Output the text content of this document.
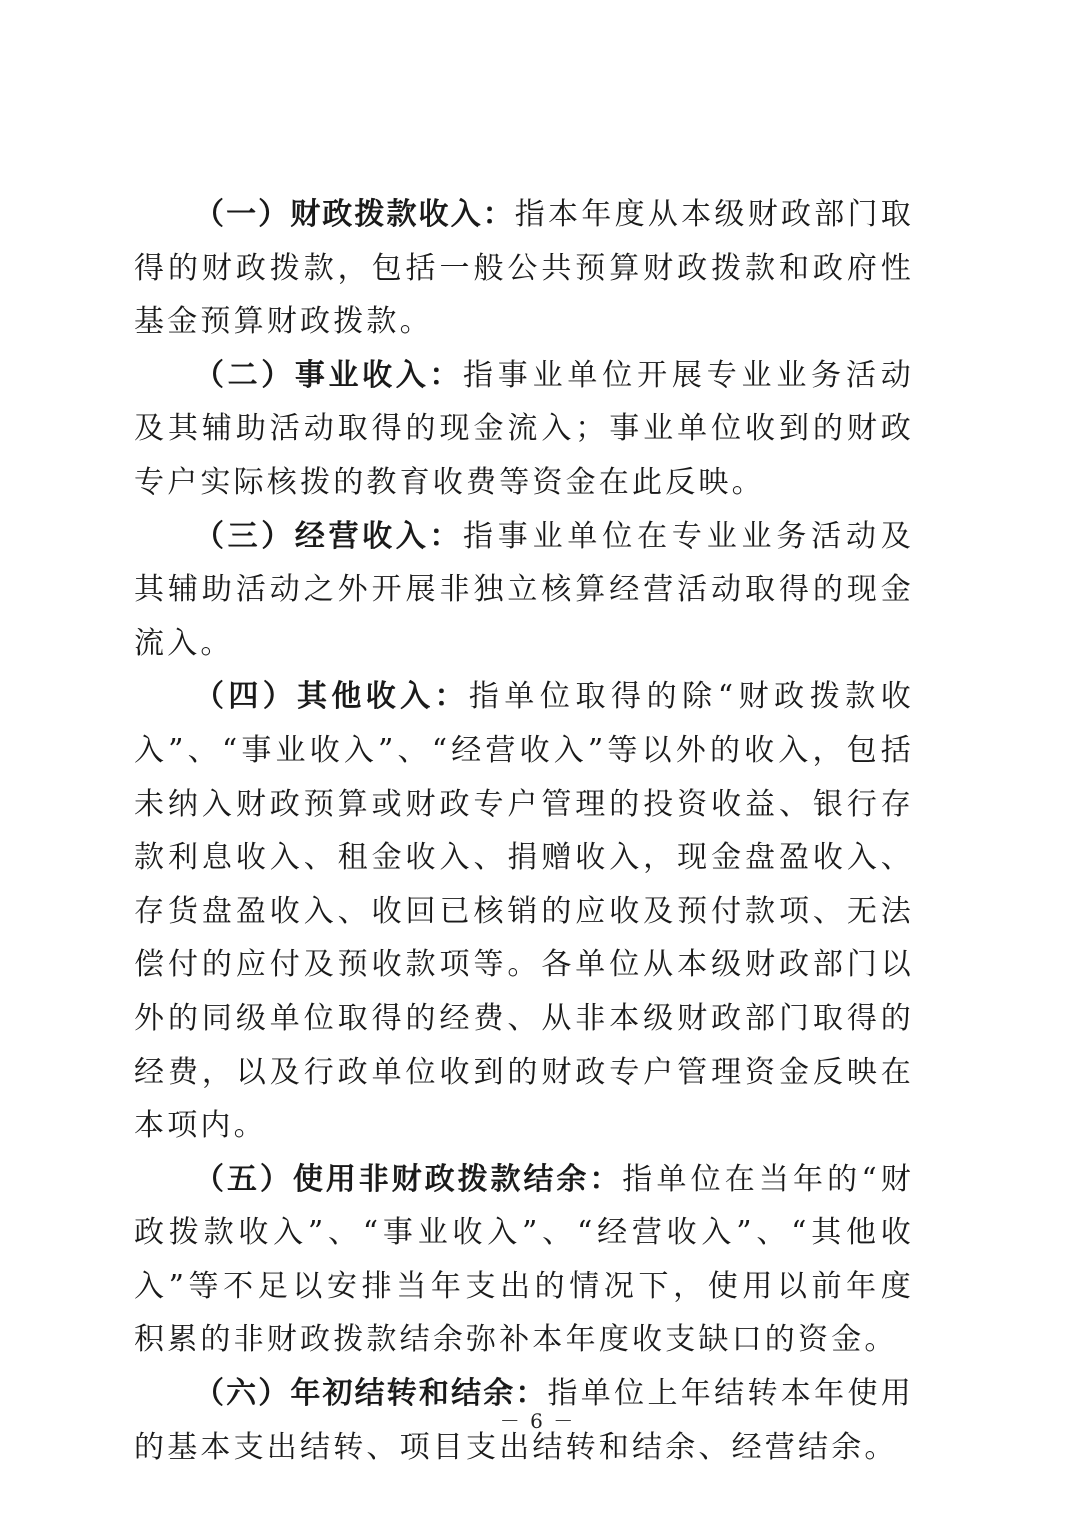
（一）财政拨款收入：指本年度从本级财政部门取得的财政拨款，包括一般公共预算财政拨款和政府性基金预算财政拨款。

（二）事业收入：指事业单位开展专业业务活动及其辅助活动取得的现金流入；事业单位收到的财政专户实际核拨的教育收费等资金在此反映。

（三）经营收入：指事业单位在专业业务活动及其辅助活动之外开展非独立核算经营活动取得的现金流入。

（四）其他收入：指单位取得的除“财政拨款收入”、“事业收入”、“经营收入”等以外的收入，包括未纳入财政预算或财政专户管理的投资收益、银行存款利息收入、租金收入、捐赠收入，现金盘盈收入、存货盘盈收入、收回已核销的应收及预付款项、无法偿付的应付及预收款项等。各单位从本级财政部门以外的同级单位取得的经费、从非本级财政部门取得的经费，以及行政单位收到的财政专户管理资金反映在本项内。

（五）使用非财政拨款结余：指单位在当年的“财政拨款收入”、“事业收入”、“经营收入”、“其他收入”等不足以安排当年支出的情况下，使用以前年度积累的非财政拨款结余弥补本年度收支缺口的资金。

（六）年初结转和结余：指单位上年结转本年使用的基本支出结转、项目支出结转和结余、经营结余。

－ 6 －
